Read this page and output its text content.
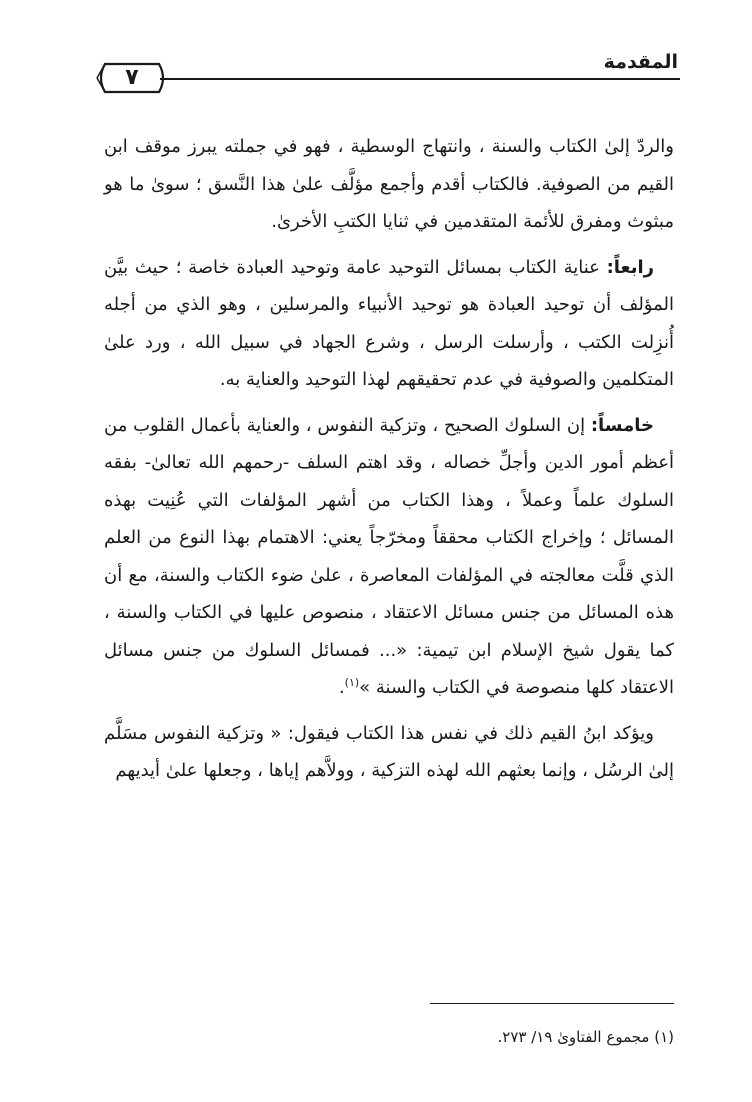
المقدمة
٧

والردّ إلىٰ الكتاب والسنة ، وانتهاج الوسطية ، فهو في جملته يبرز موقف ابن القيم من الصوفية. فالكتاب أقدم وأجمع مؤلَّف علىٰ هذا النَّسق ؛ سوىٰ ما هو مبثوث ومفرق للأئمة المتقدمين في ثنايا الكتبِ الأخرىٰ.

رابعاً: عناية الكتاب بمسائل التوحيد عامة وتوحيد العبادة خاصة ؛ حيث بيَّن المؤلف أن توحيد العبادة هو توحيد الأنبياء والمرسلين ، وهو الذي من أجله أُنزِلت الكتب ، وأرسلت الرسل ، وشرع الجهاد في سبيل الله ، ورد علىٰ المتكلمين والصوفية في عدم تحقيقهم لهذا التوحيد والعناية به.

خامساً: إن السلوك الصحيح ، وتزكية النفوس ، والعناية بأعمال القلوب من أعظم أمور الدين وأجلِّ خصاله ، وقد اهتم السلف -رحمهم الله تعالىٰ- بفقه السلوك علماً وعملاً ، وهذا الكتاب من أشهر المؤلفات التي عُنِيت بهذه المسائل ؛ وإخراج الكتاب محققاً ومخرّجاً يعني: الاهتمام بهذا النوع من العلم الذي قلَّت معالجته في المؤلفات المعاصرة ، علىٰ ضوء الكتاب والسنة، مع أن هذه المسائل من جنس مسائل الاعتقاد ، منصوص عليها في الكتاب والسنة ، كما يقول شيخ الإسلام ابن تيمية: «... فمسائل السلوك من جنس مسائل الاعتقاد كلها منصوصة في الكتاب والسنة »$^{(١)}$.

ويؤكد ابنُ القيم ذلك في نفس هذا الكتاب فيقول: « وتزكية النفوس مسَلَّم إلىٰ الرسُل ، وإنما بعثهم الله لهذه التزكية ، وولاَّهم إياها ، وجعلها علىٰ أيديهم

(١) مجموع الفتاوىٰ ١٩/ ٢٧٣.
